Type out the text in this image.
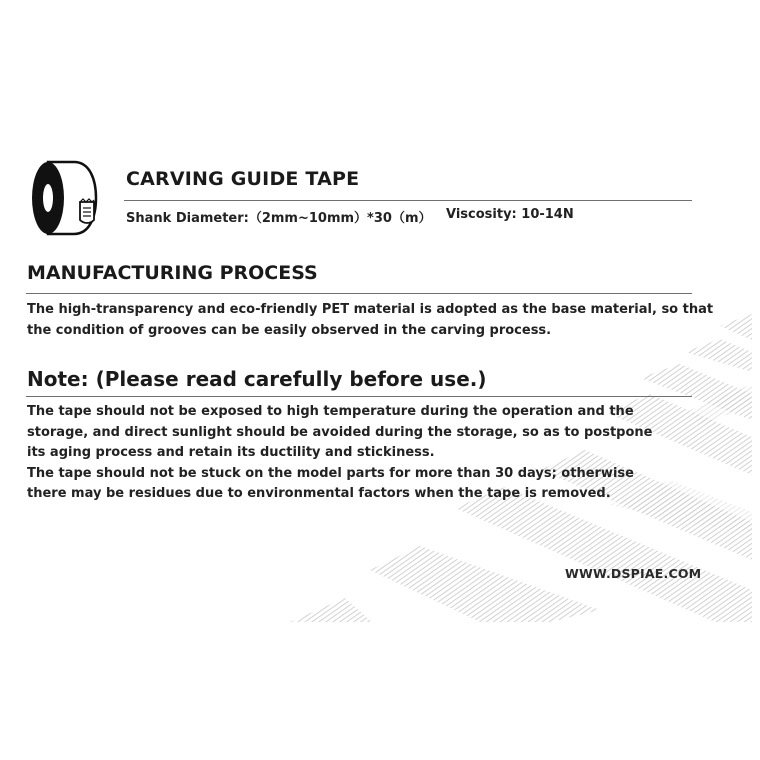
CARVING GUIDE TAPE
Shank Diameter:（2mm~10mm）*30（m） Viscosity: 10-14N
MANUFACTURING PROCESS
The high-transparency and eco-friendly PET material is adopted as the base material, so that
the condition of grooves can be easily observed in the carving process.
Note: (Please read carefully before use.)
The tape should not be exposed to high temperature during the operation and the
storage, and direct sunlight should be avoided during the storage, so as to postpone
its aging process and retain its ductility and stickiness.
The tape should not be stuck on the model parts for more than 30 days; otherwise
there may be residues due to environmental factors when the tape is removed.
WWW.DSPIAE.COM
